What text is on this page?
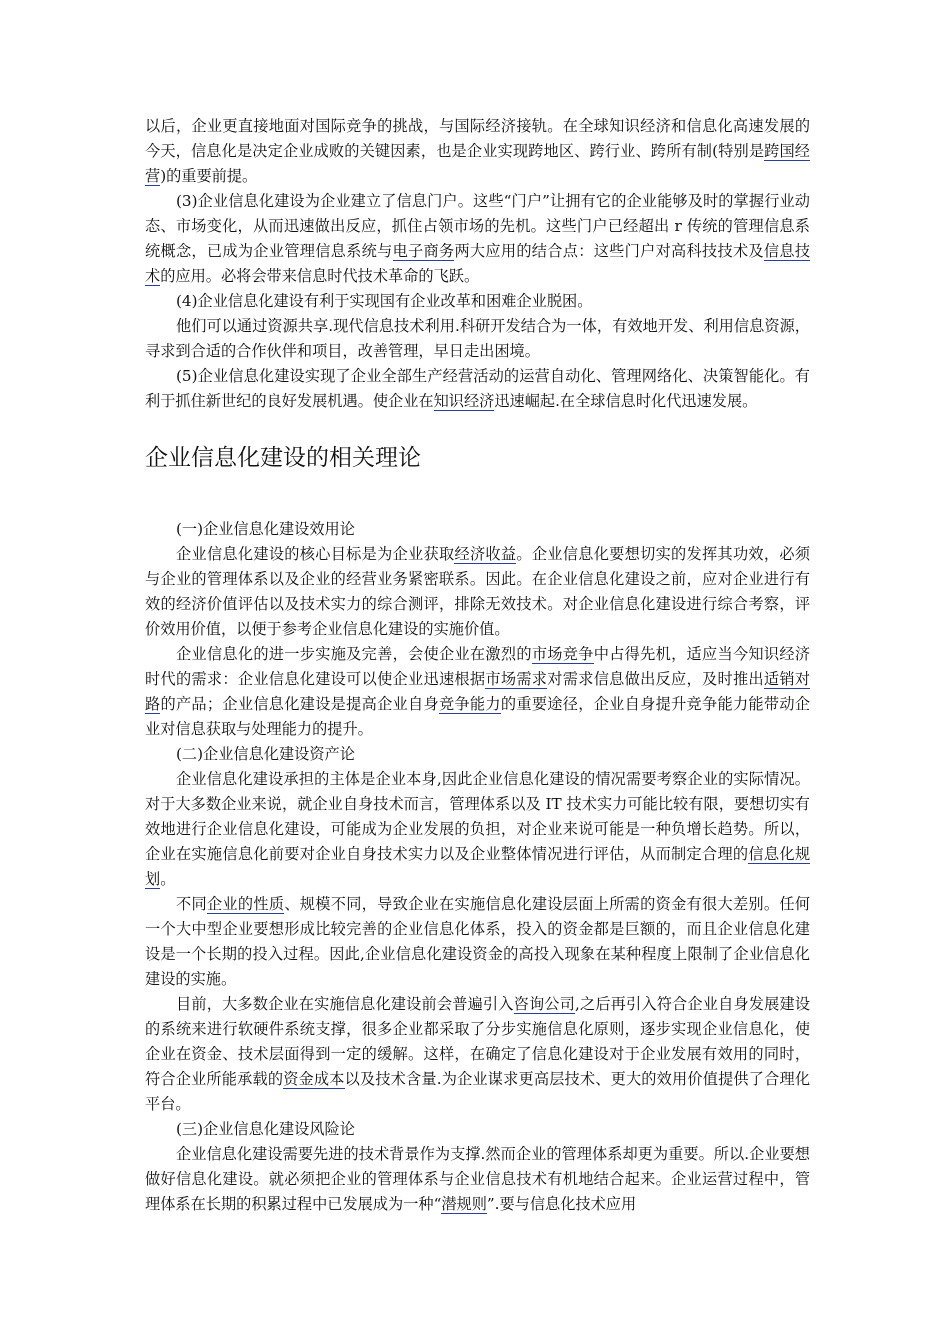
以后，企业更直接地面对国际竞争的挑战，与国际经济接轨。在全球知识经济和信息化高速发展的今天，信息化是决定企业成败的关键因素，也是企业实现跨地区、跨行业、跨所有制(特别是跨国经营)的重要前提。

(3)企业信息化建设为企业建立了信息门户。这些“门户”让拥有它的企业能够及时的掌握行业动态、市场变化，从而迅速做出反应，抓住占领市场的先机。这些门户已经超出 r 传统的管理信息系统概念，已成为企业管理信息系统与电子商务两大应用的结合点：这些门户对高科技技术及信息技术的应用。必将会带来信息时代技术革命的飞跃。

(4)企业信息化建设有利于实现国有企业改革和困难企业脱困。

他们可以通过资源共享.现代信息技术利用.科研开发结合为一体，有效地开发、利用信息资源，寻求到合适的合作伙伴和项目，改善管理，早日走出困境。

(5)企业信息化建设实现了企业全部生产经营活动的运营自动化、管理网络化、决策智能化。有利于抓住新世纪的良好发展机遇。使企业在知识经济迅速崛起.在全球信息时化代迅速发展。

企业信息化建设的相关理论

(一)企业信息化建设效用论

企业信息化建设的核心目标是为企业获取经济收益。企业信息化要想切实的发挥其功效，必须与企业的管理体系以及企业的经营业务紧密联系。因此。在企业信息化建设之前，应对企业进行有效的经济价值评估以及技术实力的综合测评，排除无效技术。对企业信息化建设进行综合考察，评价效用价值，以便于参考企业信息化建设的实施价值。

企业信息化的进一步实施及完善，会使企业在激烈的市场竞争中占得先机，适应当今知识经济时代的需求：企业信息化建设可以使企业迅速根据市场需求对需求信息做出反应，及时推出适销对路的产品；企业信息化建设是提高企业自身竞争能力的重要途径，企业自身提升竞争能力能带动企业对信息获取与处理能力的提升。

(二)企业信息化建设资产论

企业信息化建设承担的主体是企业本身,因此企业信息化建设的情况需要考察企业的实际情况。对于大多数企业来说，就企业自身技术而言，管理体系以及 IT 技术实力可能比较有限，要想切实有效地进行企业信息化建设，可能成为企业发展的负担，对企业来说可能是一种负增长趋势。所以，企业在实施信息化前要对企业自身技术实力以及企业整体情况进行评估，从而制定合理的信息化规划。

不同企业的性质、规模不同，导致企业在实施信息化建设层面上所需的资金有很大差别。任何一个大中型企业要想形成比较完善的企业信息化体系，投入的资金都是巨额的，而且企业信息化建设是一个长期的投入过程。因此,企业信息化建设资金的高投入现象在某种程度上限制了企业信息化建设的实施。

目前，大多数企业在实施信息化建设前会普遍引入咨询公司,之后再引入符合企业自身发展建设的系统来进行软硬件系统支撑，很多企业都采取了分步实施信息化原则，逐步实现企业信息化，使企业在资金、技术层面得到一定的缓解。这样，在确定了信息化建设对于企业发展有效用的同时，符合企业所能承载的资金成本以及技术含量.为企业谋求更高层技术、更大的效用价值提供了合理化平台。

(三)企业信息化建设风险论

企业信息化建设需要先进的技术背景作为支撑.然而企业的管理体系却更为重要。所以.企业要想做好信息化建设。就必须把企业的管理体系与企业信息技术有机地结合起来。企业运营过程中，管理体系在长期的积累过程中已发展成为一种“潜规则”.要与信息化技术应用
